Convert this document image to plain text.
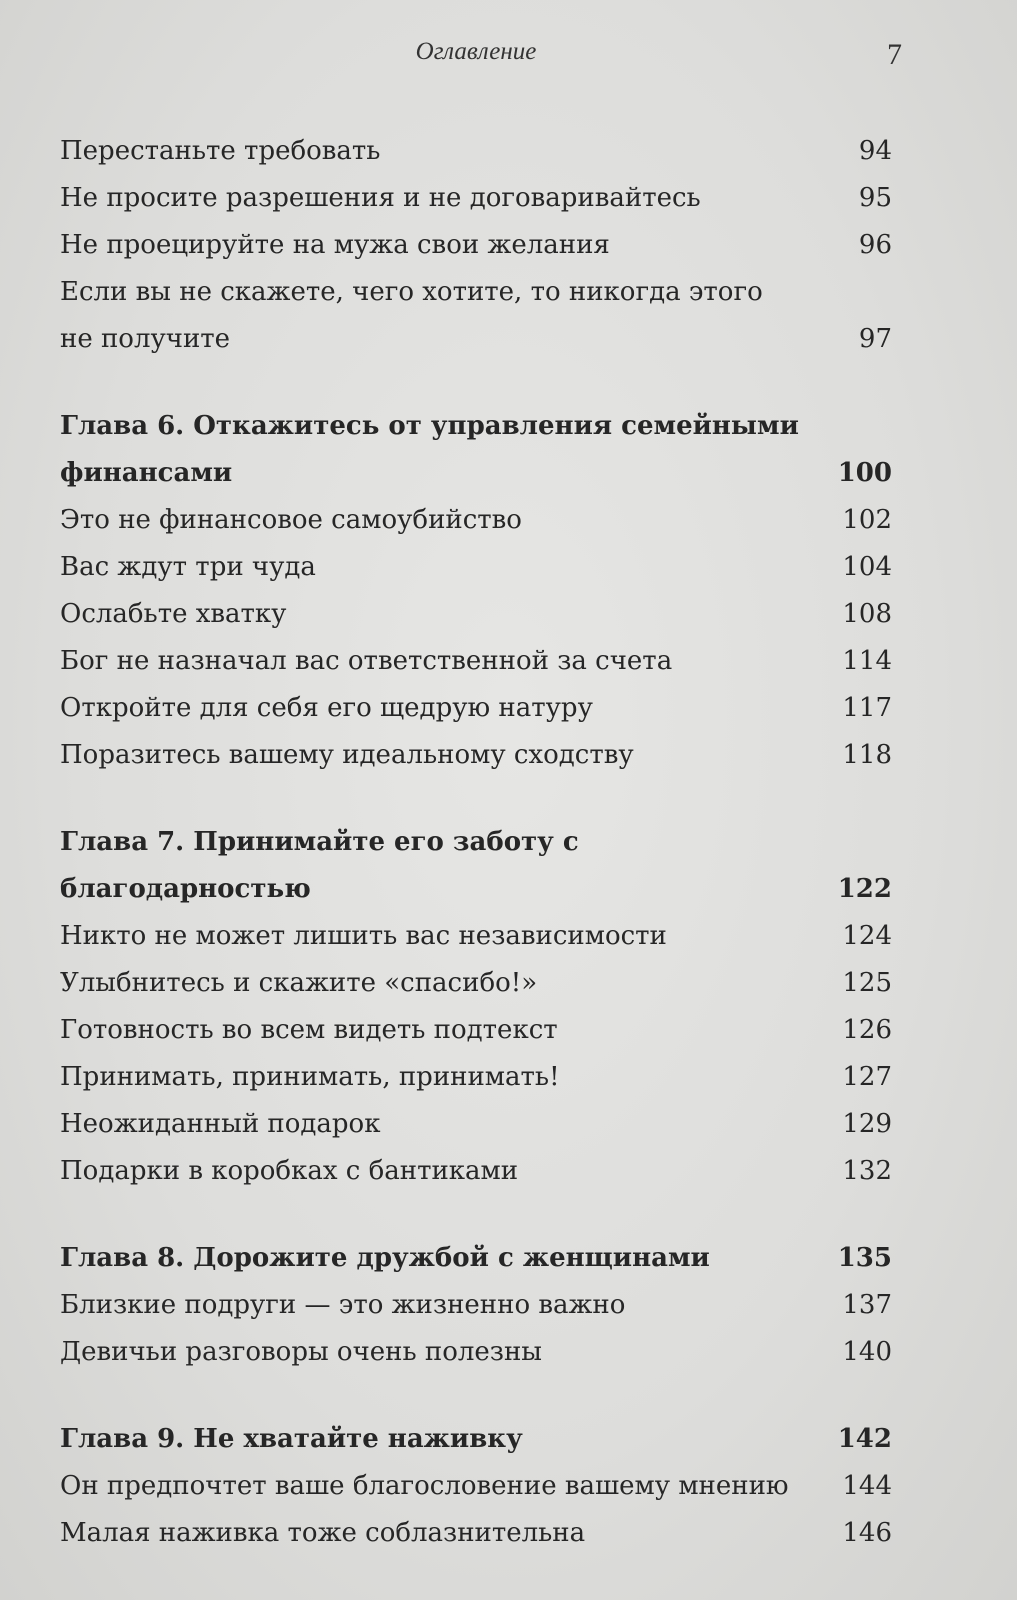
Оглавление	7
Перестаньте требовать	94
Не просите разрешения и не договаривайтесь	95
Не проецируйте на мужа свои желания	96
Если вы не скажете, чего хотите, то никогда этого
не получите	97
Глава 6. Откажитесь от управления семейными
финансами	100
Это не финансовое самоубийство	102
Вас ждут три чуда	104
Ослабьте хватку	108
Бог не назначал вас ответственной за счета	114
Откройте для себя его щедрую натуру	117
Поразитесь вашему идеальному сходству	118
Глава 7. Принимайте его заботу с благодарностью	122
Никто не может лишить вас независимости	124
Улыбнитесь и скажите «спасибо!»	125
Готовность во всем видеть подтекст	126
Принимать, принимать, принимать!	127
Неожиданный подарок	129
Подарки в коробках с бантиками	132
Глава 8. Дорожите дружбой с женщинами	135
Близкие подруги — это жизненно важно	137
Девичьи разговоры очень полезны	140
Глава 9. Не хватайте наживку	142
Он предпочтет ваше благословение вашему мнению	144
Малая наживка тоже соблазнительна	146
